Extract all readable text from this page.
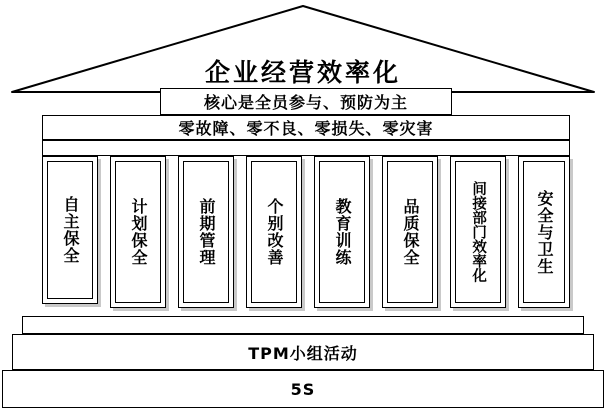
企业经营效率化
核心是全员参与、预防为主
零故障、零不良、零损失、零灾害
自主保全	计划保全	前期管理	个别改善	教育训练	品质保全	间接部门效率化	安全与卫生
TPM小组活动
5S
